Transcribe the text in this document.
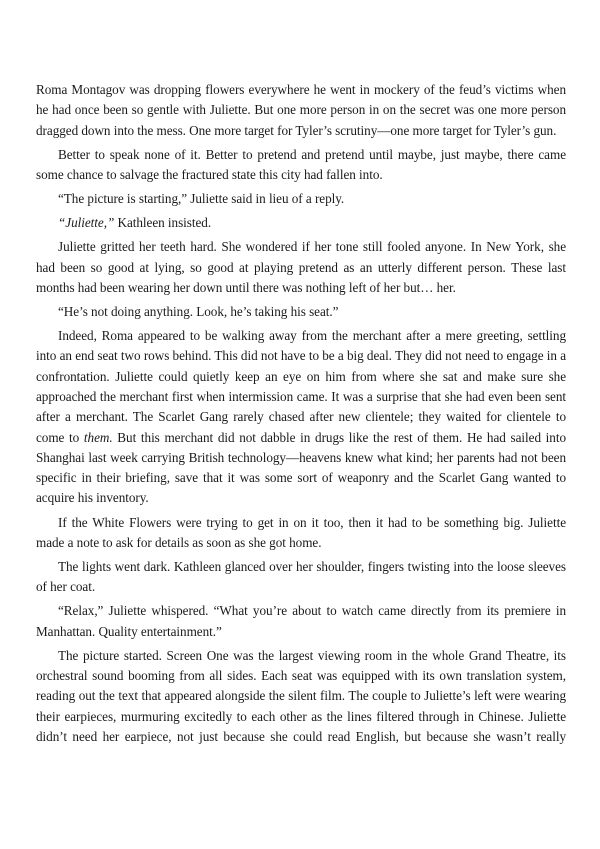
Roma Montagov was dropping flowers everywhere he went in mockery of the feud’s victims when he had once been so gentle with Juliette. But one more person in on the secret was one more person dragged down into the mess. One more target for Tyler’s scrutiny—one more target for Tyler’s gun.

Better to speak none of it. Better to pretend and pretend until maybe, just maybe, there came some chance to salvage the fractured state this city had fallen into.

“The picture is starting,” Juliette said in lieu of a reply.

“Juliette,” Kathleen insisted.

Juliette gritted her teeth hard. She wondered if her tone still fooled anyone. In New York, she had been so good at lying, so good at playing pretend as an utterly different person. These last months had been wearing her down until there was nothing left of her but… her.

“He’s not doing anything. Look, he’s taking his seat.”

Indeed, Roma appeared to be walking away from the merchant after a mere greeting, settling into an end seat two rows behind. This did not have to be a big deal. They did not need to engage in a confrontation. Juliette could quietly keep an eye on him from where she sat and make sure she approached the merchant first when intermission came. It was a surprise that she had even been sent after a merchant. The Scarlet Gang rarely chased after new clientele; they waited for clientele to come to them. But this merchant did not dabble in drugs like the rest of them. He had sailed into Shanghai last week carrying British technology—heavens knew what kind; her parents had not been specific in their briefing, save that it was some sort of weaponry and the Scarlet Gang wanted to acquire his inventory.

If the White Flowers were trying to get in on it too, then it had to be something big. Juliette made a note to ask for details as soon as she got home.

The lights went dark. Kathleen glanced over her shoulder, fingers twisting into the loose sleeves of her coat.

“Relax,” Juliette whispered. “What you’re about to watch came directly from its premiere in Manhattan. Quality entertainment.”

The picture started. Screen One was the largest viewing room in the whole Grand Theatre, its orchestral sound booming from all sides. Each seat was equipped with its own translation system, reading out the text that appeared alongside the silent film. The couple to Juliette’s left were wearing their earpieces, murmuring excitedly to each other as the lines filtered through in Chinese. Juliette didn’t need her earpiece, not just because she could read English, but because she wasn’t really
